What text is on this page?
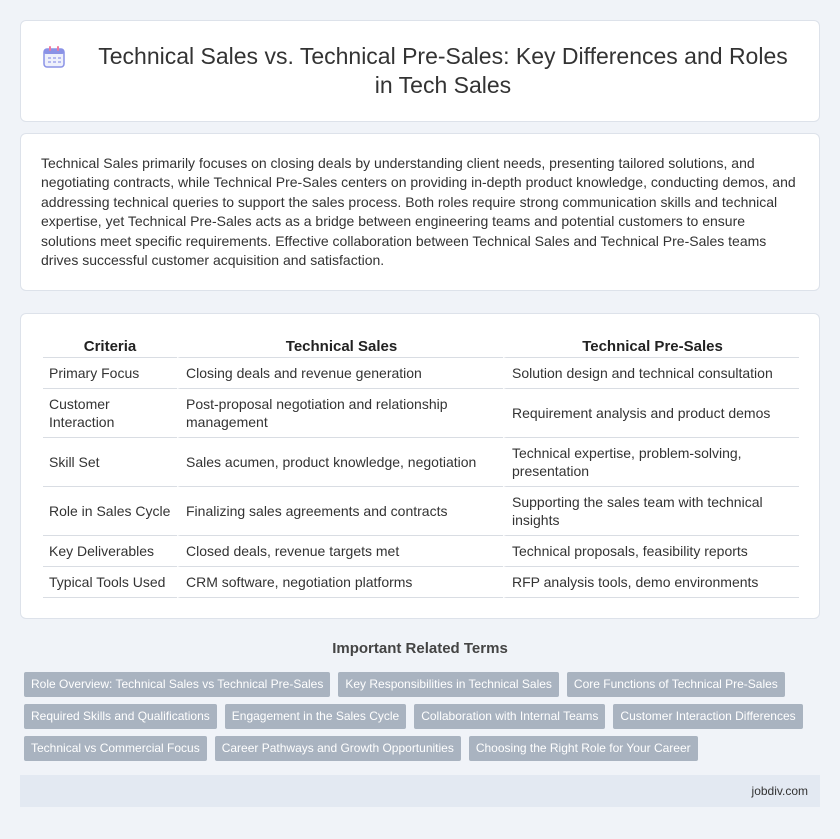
Technical Sales vs. Technical Pre-Sales: Key Differences and Roles in Tech Sales

Technical Sales primarily focuses on closing deals by understanding client needs, presenting tailored solutions, and negotiating contracts, while Technical Pre-Sales centers on providing in-depth product knowledge, conducting demos, and addressing technical queries to support the sales process. Both roles require strong communication skills and technical expertise, yet Technical Pre-Sales acts as a bridge between engineering teams and potential customers to ensure solutions meet specific requirements. Effective collaboration between Technical Sales and Technical Pre-Sales teams drives successful customer acquisition and satisfaction.

Criteria	Technical Sales	Technical Pre-Sales
Primary Focus	Closing deals and revenue generation	Solution design and technical consultation
Customer Interaction	Post-proposal negotiation and relationship management	Requirement analysis and product demos
Skill Set	Sales acumen, product knowledge, negotiation	Technical expertise, problem-solving, presentation
Role in Sales Cycle	Finalizing sales agreements and contracts	Supporting the sales team with technical insights
Key Deliverables	Closed deals, revenue targets met	Technical proposals, feasibility reports
Typical Tools Used	CRM software, negotiation platforms	RFP analysis tools, demo environments
Important Related Terms
Role Overview: Technical Sales vs Technical Pre-Sales	Key Responsibilities in Technical Sales	Core Functions of Technical Pre-Sales
Required Skills and Qualifications	Engagement in the Sales Cycle	Collaboration with Internal Teams	Customer Interaction Differences
Technical vs Commercial Focus	Career Pathways and Growth Opportunities	Choosing the Right Role for Your Career
jobdiv.com
